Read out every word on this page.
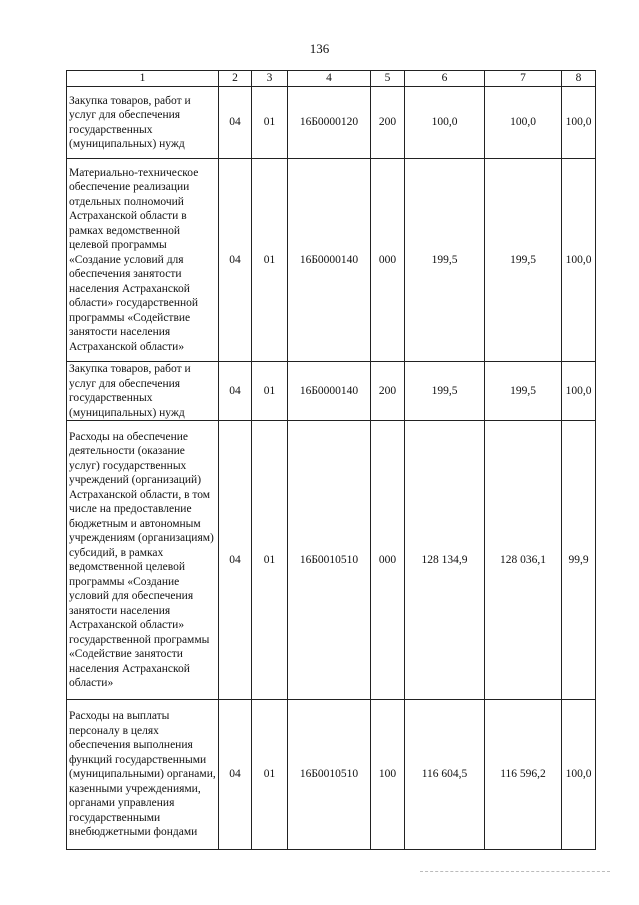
136
1	2	3	4	5	6	7	8
Закупка товаров, работ и услуг для обеспечения государственных (муниципальных) нужд	04	01	16Б0000120	200	100,0	100,0	100,0
Материально-техническое обеспечение реализации отдельных полномочий Астраханской области в рамках ведомственной целевой программы «Создание условий для обеспечения занятости населения Астраханской области» государственной программы «Содействие занятости населения Астраханской области»	04	01	16Б0000140	000	199,5	199,5	100,0
Закупка товаров, работ и услуг для обеспечения государственных (муниципальных) нужд	04	01	16Б0000140	200	199,5	199,5	100,0
Расходы на обеспечение деятельности (оказание услуг) государственных учреждений (организаций) Астраханской области, в том числе на предоставление бюджетным и автономным учреждениям (организациям) субсидий, в рамках ведомственной целевой программы «Создание условий для обеспечения занятости населения Астраханской области» государственной программы «Содействие занятости населения Астраханской области»	04	01	16Б0010510	000	128 134,9	128 036,1	99,9
Расходы на выплаты персоналу в целях обеспечения выполнения функций государственными (муниципальными) органами, казенными учреждениями, органами управления государственными внебюджетными фондами	04	01	16Б0010510	100	116 604,5	116 596,2	100,0
